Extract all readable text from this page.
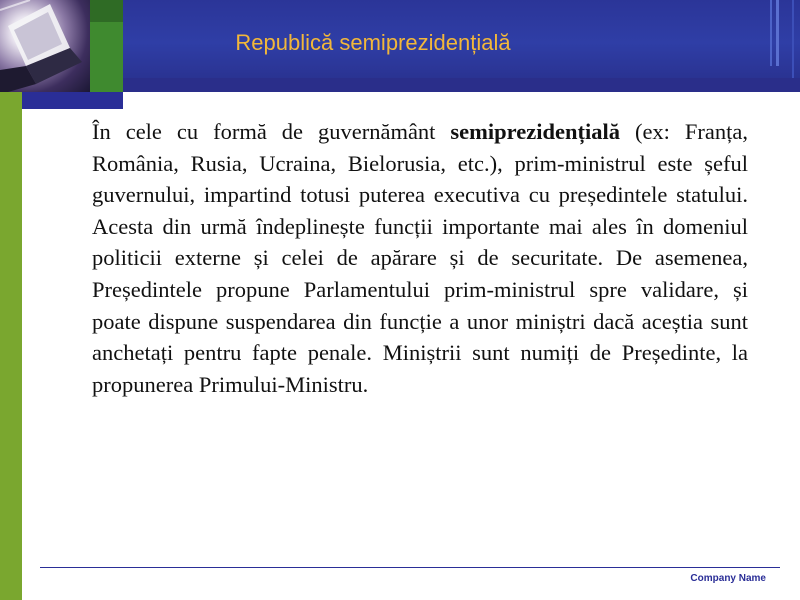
Republică semiprezidențială

În cele cu formă de guvernământ semiprezidențială (ex: Franța, România, Rusia, Ucraina, Bielorusia, etc.), prim-ministrul este șeful guvernului, impartind totusi puterea executiva cu președintele statului. Acesta din urmă îndeplinește funcții importante mai ales în domeniul politicii externe și celei de apărare și de securitate. De asemenea, Președintele propune Parlamentului prim-ministrul spre validare, și poate dispune suspendarea din funcție a unor miniștri dacă aceștia sunt anchetați pentru fapte penale. Miniștrii sunt numiți de Președinte, la propunerea Primului-Ministru.

Company Name
